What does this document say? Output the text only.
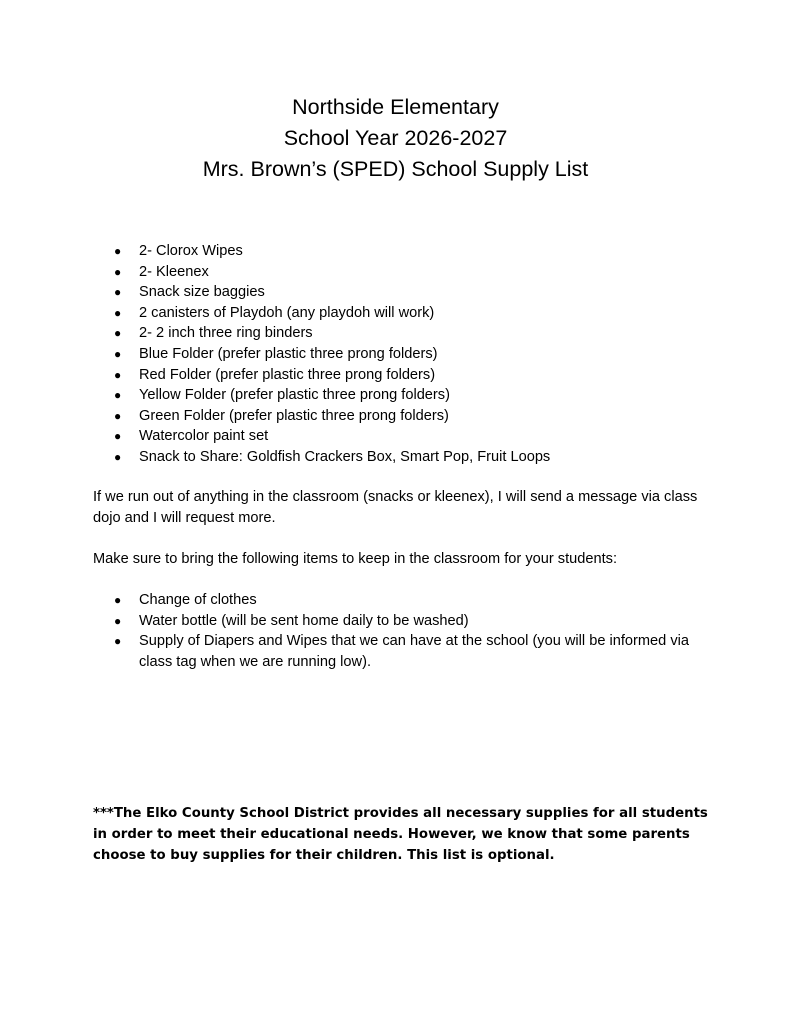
Northside Elementary
School Year 2026-2027
Mrs. Brown’s (SPED) School Supply List
● 2- Clorox Wipes
● 2- Kleenex
● Snack size baggies
● 2 canisters of Playdoh (any playdoh will work)
● 2- 2 inch three ring binders
● Blue Folder (prefer plastic three prong folders)
● Red Folder (prefer plastic three prong folders)
● Yellow Folder (prefer plastic three prong folders)
● Green Folder (prefer plastic three prong folders)
● Watercolor paint set
● Snack to Share: Goldfish Crackers Box, Smart Pop, Fruit Loops

If we run out of anything in the classroom (snacks or kleenex), I will send a message via class dojo and I will request more.

Make sure to bring the following items to keep in the classroom for your students:

● Change of clothes
● Water bottle (will be sent home daily to be washed)
● Supply of Diapers and Wipes that we can have at the school (you will be informed via class tag when we are running low).

***The Elko County School District provides all necessary supplies for all students in order to meet their educational needs. However, we know that some parents choose to buy supplies for their children. This list is optional.
